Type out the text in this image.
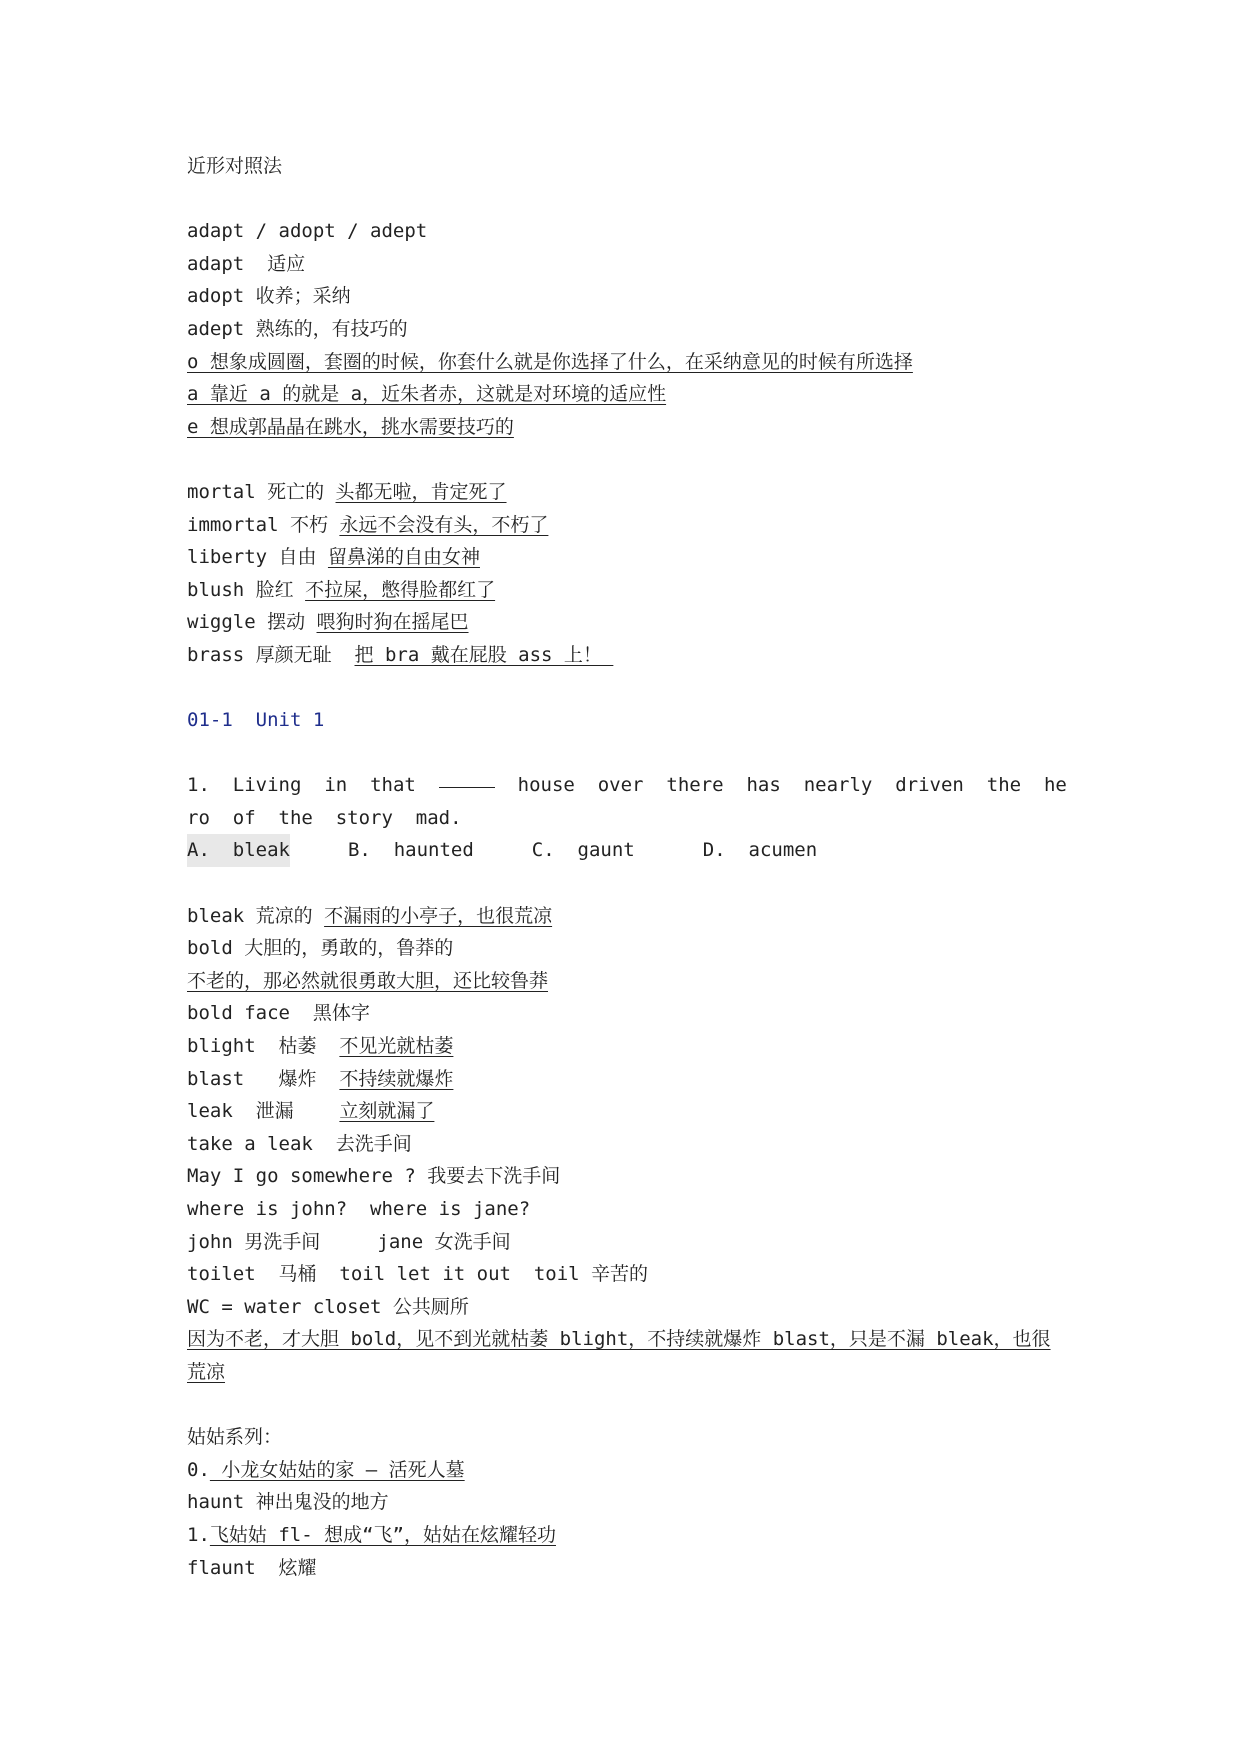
近形对照法
adapt / adopt / adept
adapt  适应
adopt 收养；采纳
adept 熟练的，有技巧的
o 想象成圆圈，套圈的时候，你套什么就是你选择了什么，在采纳意见的时候有所选择
a 靠近 a 的就是 a，近朱者赤，这就是对环境的适应性
e 想成郭晶晶在跳水，挑水需要技巧的
mortal 死亡的 头都无啦，肯定死了
immortal 不朽 永远不会没有头，不朽了
liberty 自由 留鼻涕的自由女神
blush 脸红 不拉屎，憋得脸都红了
wiggle 摆动 喂狗时狗在摇尾巴
brass 厚颜无耻  把 bra 戴在屁股 ass 上！
01-1  Unit 1
1. Living in that	house over there has nearly driven the he
ro  of  the  story  mad.
A.  bleak	B.  haunted	C.  gaunt	D.  acumen
bleak 荒凉的 不漏雨的小亭子，也很荒凉
bold 大胆的，勇敢的，鲁莽的
不老的，那必然就很勇敢大胆，还比较鲁莽
bold face  黑体字
blight  枯萎  不见光就枯萎
blast   爆炸  不持续就爆炸
leak  泄漏    立刻就漏了
take a leak  去洗手间
May I go somewhere ? 我要去下洗手间
where is john?  where is jane?
john 男洗手间     jane 女洗手间
toilet  马桶  toil let it out  toil 辛苦的
WC = water closet 公共厕所
因为不老，才大胆 bold，见不到光就枯萎 blight，不持续就爆炸 blast，只是不漏 bleak，也很荒凉
姑姑系列：
0. 小龙女姑姑的家 — 活死人墓
haunt 神出鬼没的地方
1.飞姑姑 fl- 想成“飞”，姑姑在炫耀轻功
flaunt  炫耀
